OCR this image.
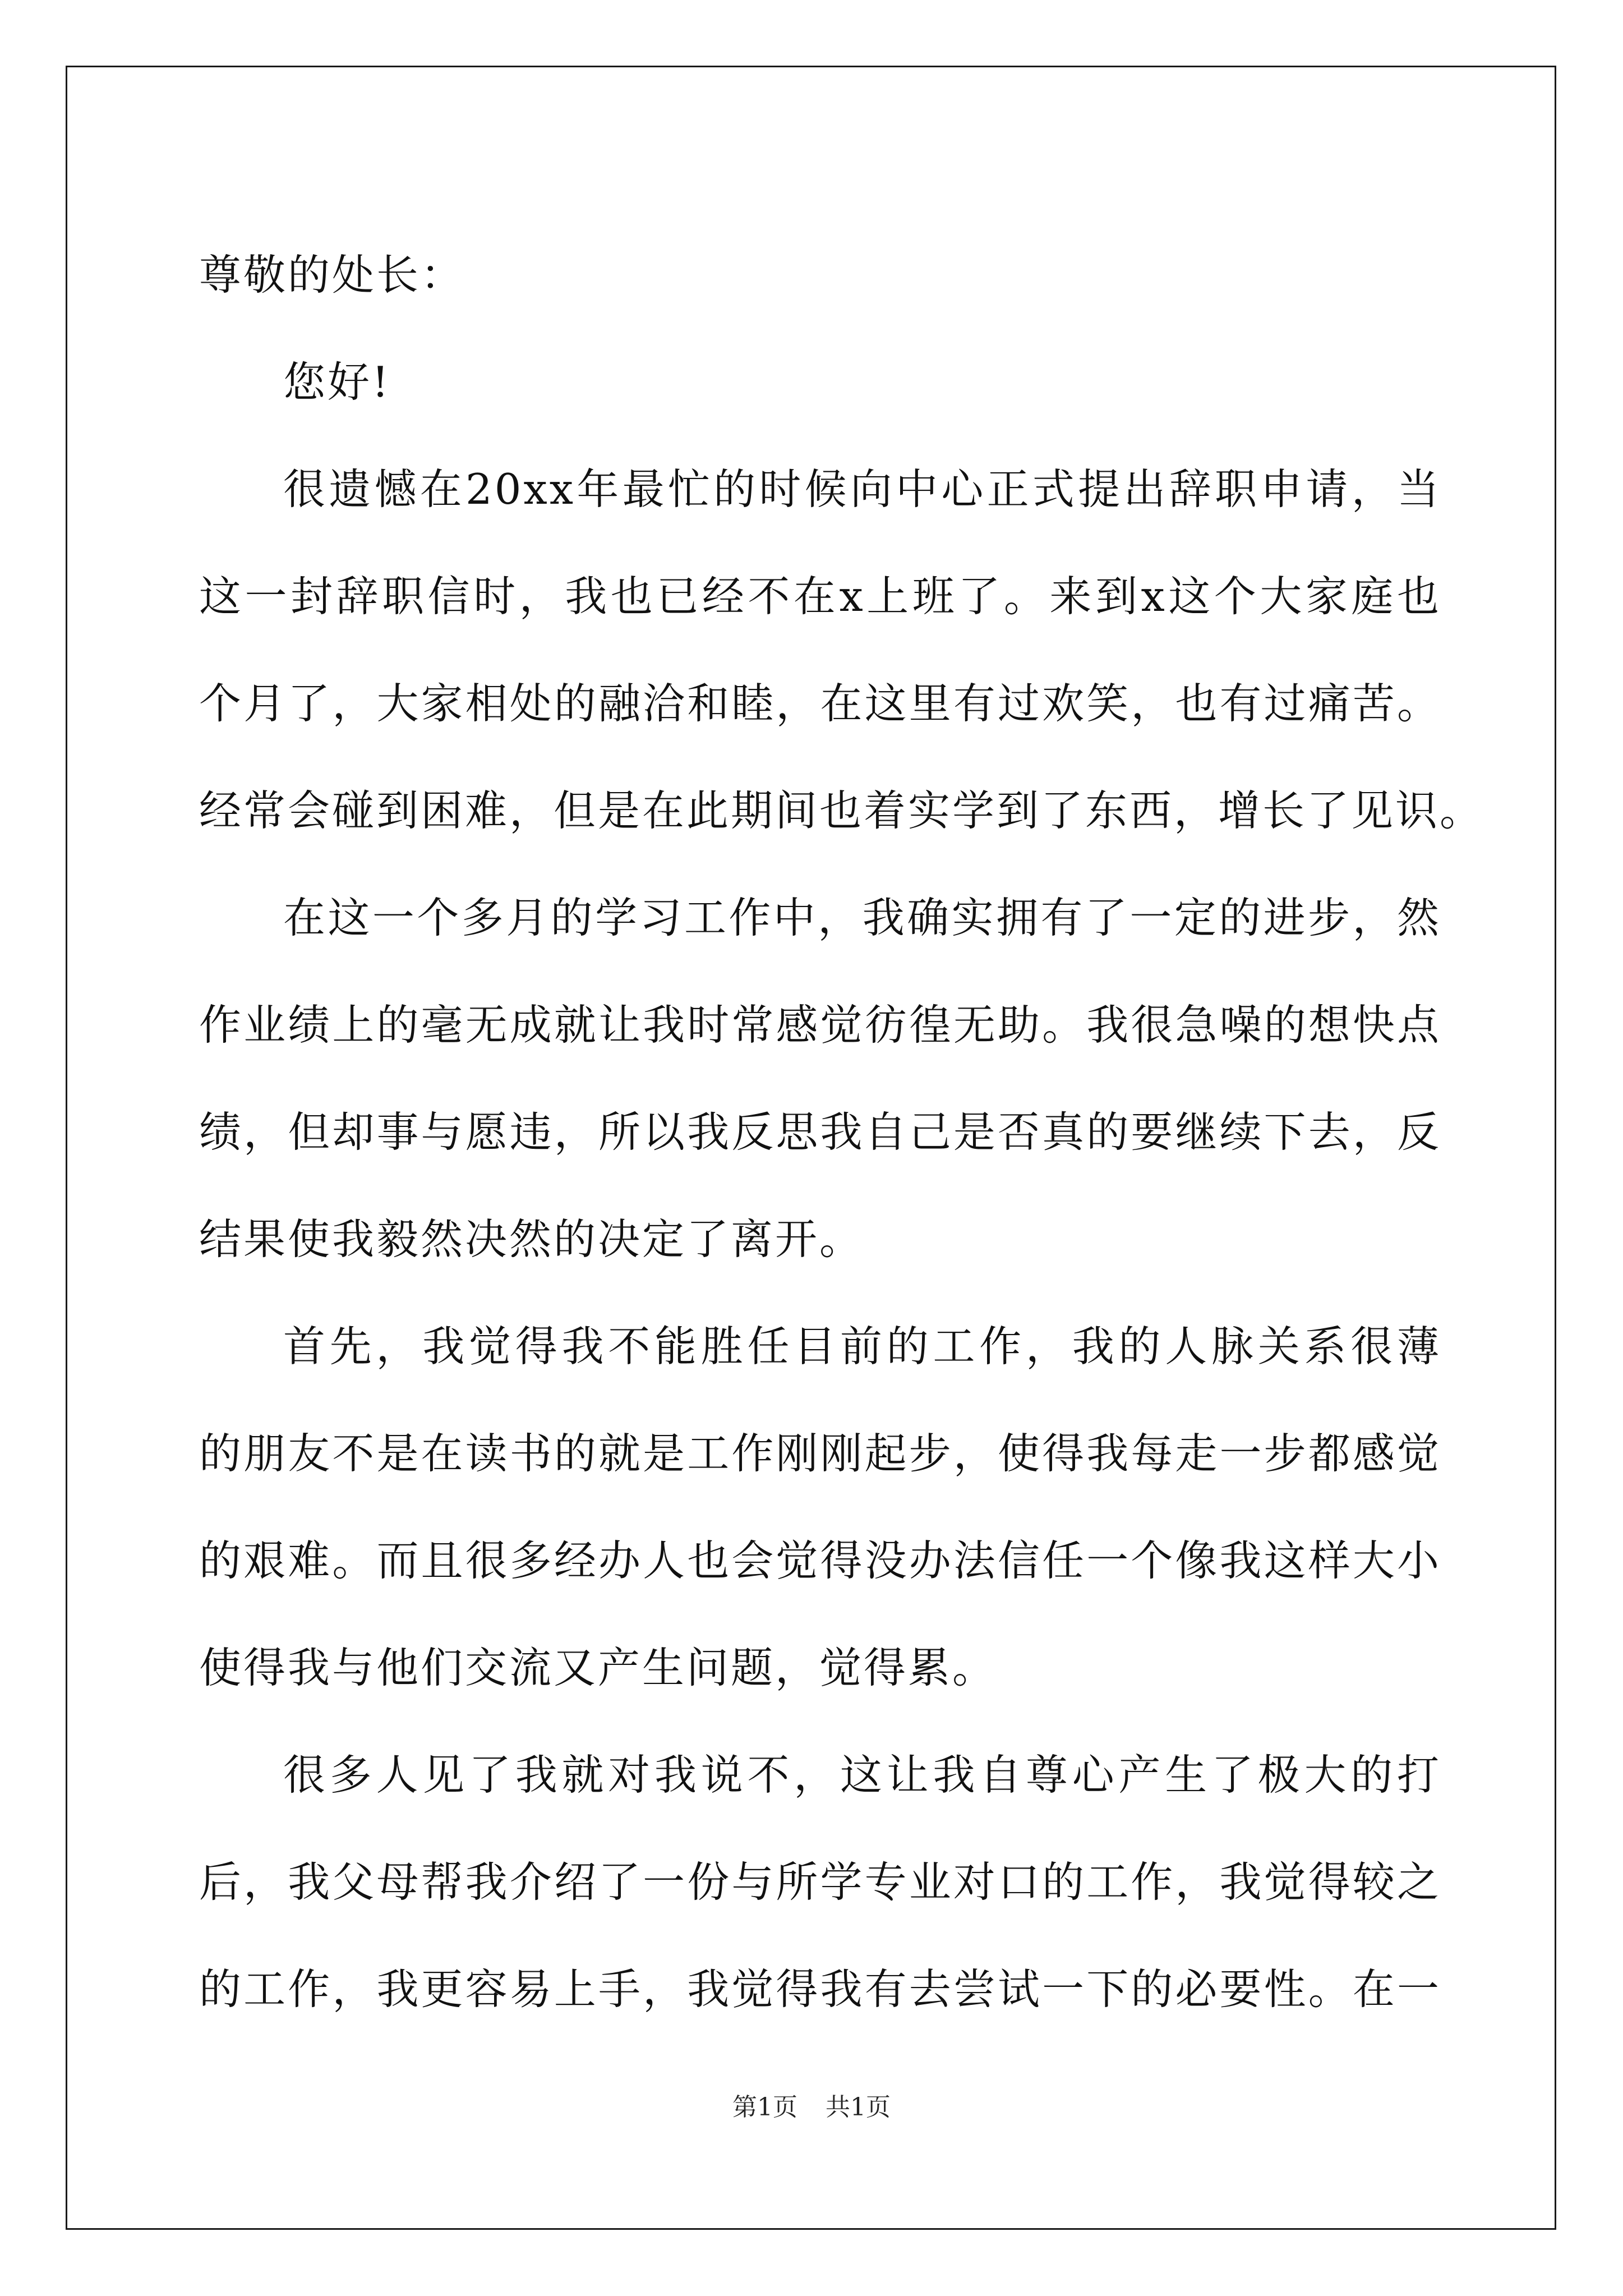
尊敬的处长：
您好!
很遗憾在20xx年最忙的时候向中心正式提出辞职申请，当
这一封辞职信时，我也已经不在x上班了。来到x这个大家庭也
个月了，大家相处的融洽和睦，在这里有过欢笑，也有过痛苦。
经常会碰到困难，但是在此期间也着实学到了东西，增长了见识。
在这一个多月的学习工作中，我确实拥有了一定的进步，然
作业绩上的毫无成就让我时常感觉彷徨无助。我很急噪的想快点
绩，但却事与愿违，所以我反思我自己是否真的要继续下去，反
结果使我毅然决然的决定了离开。
首先，我觉得我不能胜任目前的工作，我的人脉关系很薄
的朋友不是在读书的就是工作刚刚起步，使得我每走一步都感觉
的艰难。而且很多经办人也会觉得没办法信任一个像我这样大小
使得我与他们交流又产生问题，觉得累。
很多人见了我就对我说不，这让我自尊心产生了极大的打
后，我父母帮我介绍了一份与所学专业对口的工作，我觉得较之
的工作，我更容易上手，我觉得我有去尝试一下的必要性。在一
第1页 共1页
